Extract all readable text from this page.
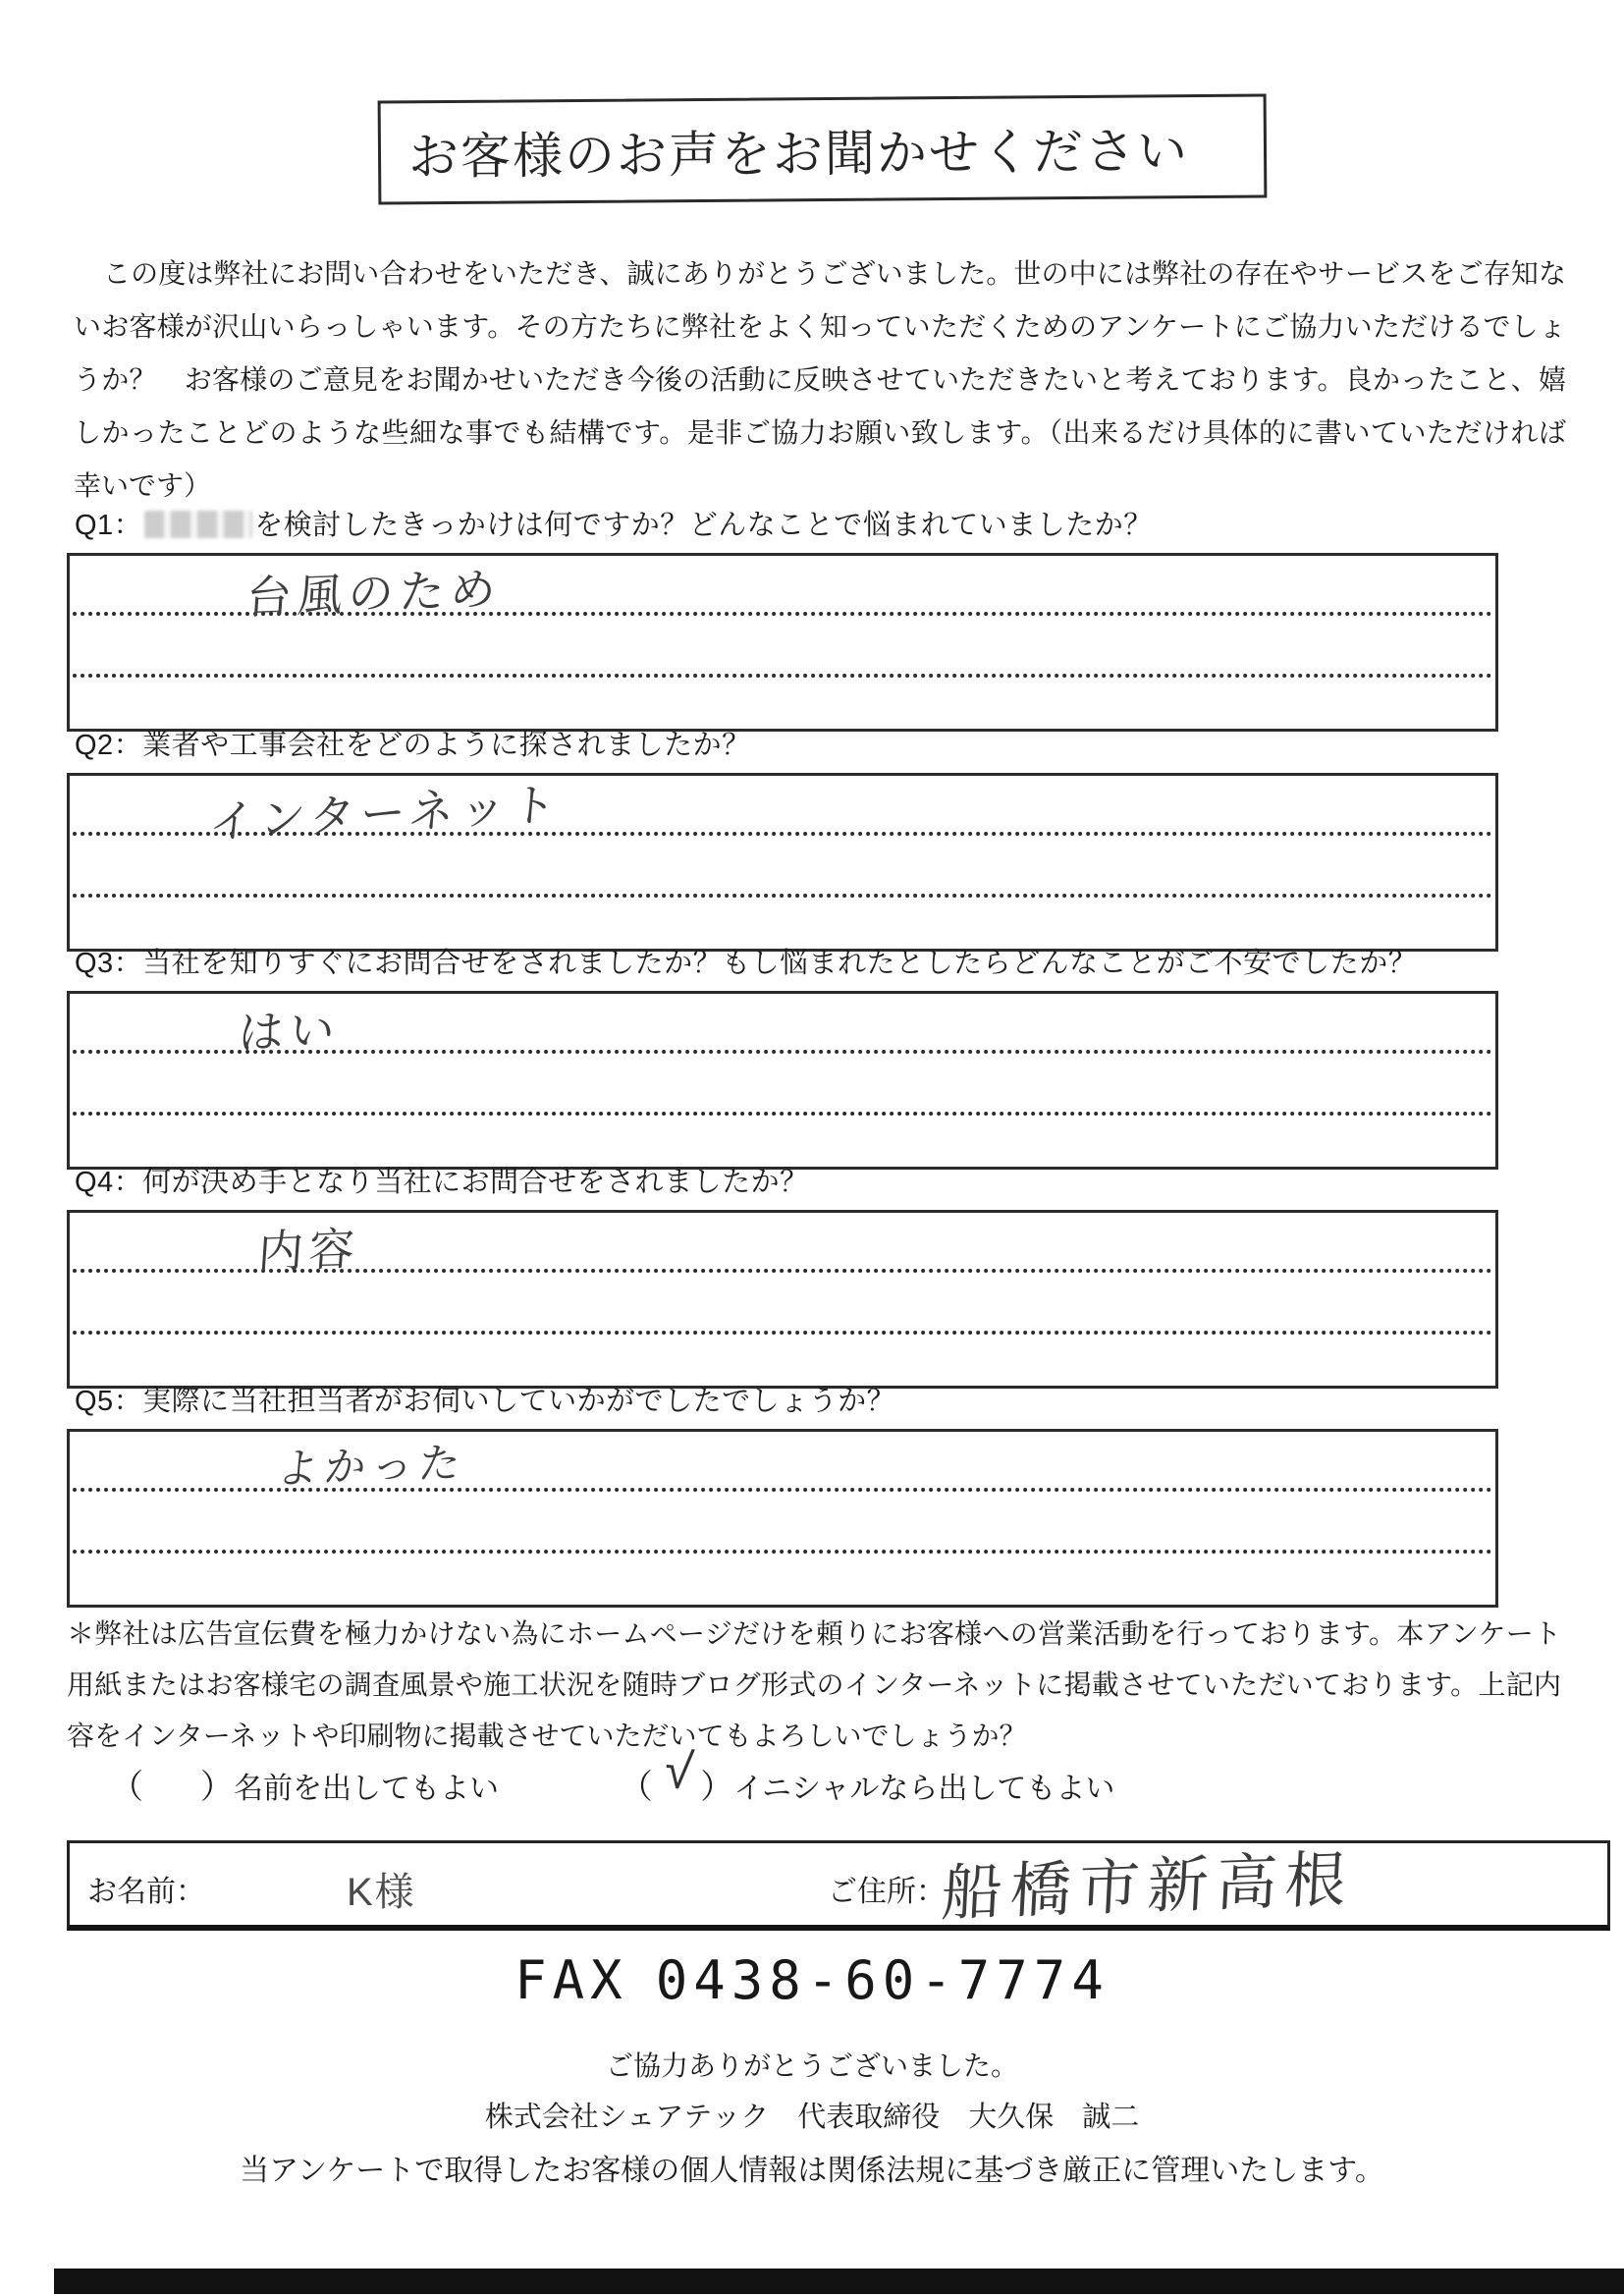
お客様のお声をお聞かせください

この度は弊社にお問い合わせをいただき、誠にありがとうございました。世の中には弊社の存在やサービスをご存知ないお客様が沢山いらっしゃいます。その方たちに弊社をよく知っていただくためのアンケートにご協力いただけるでしょうか？　お客様のご意見をお聞かせいただき今後の活動に反映させていただきたいと考えております。良かったこと、嬉しかったことどのような些細な事でも結構です。是非ご協力お願い致します。（出来るだけ具体的に書いていただければ幸いです）

Q1：	を検討したきっかけは何ですか？どんなことで悩まれていましたか？
台風のため
Q2：業者や工事会社をどのように探されましたか？
インターネット
Q3：当社を知りすぐにお問合せをされましたか？もし悩まれたとしたらどんなことがご不安でしたか？
はい
Q4：何が決め手となり当社にお問合せをされましたか？
内容
Q5：実際に当社担当者がお伺いしていかがでしたでしょうか？
よかった

＊弊社は広告宣伝費を極力かけない為にホームページだけを頼りにお客様への営業活動を行っております。本アンケート用紙またはお客様宅の調査風景や施工状況を随時ブログ形式のインターネットに掲載させていただいております。上記内容をインターネットや印刷物に掲載させていただいてもよろしいでしょうか？

（ ）名前を出してもよい	（ √ ）イニシャルなら出してもよい
お名前：	K様	ご住所：
船橋市新高根
FAX 0438-60-7774
ご協力ありがとうございました。
株式会社シェアテック　代表取締役　大久保　誠二
当アンケートで取得したお客様の個人情報は関係法規に基づき厳正に管理いたします。
